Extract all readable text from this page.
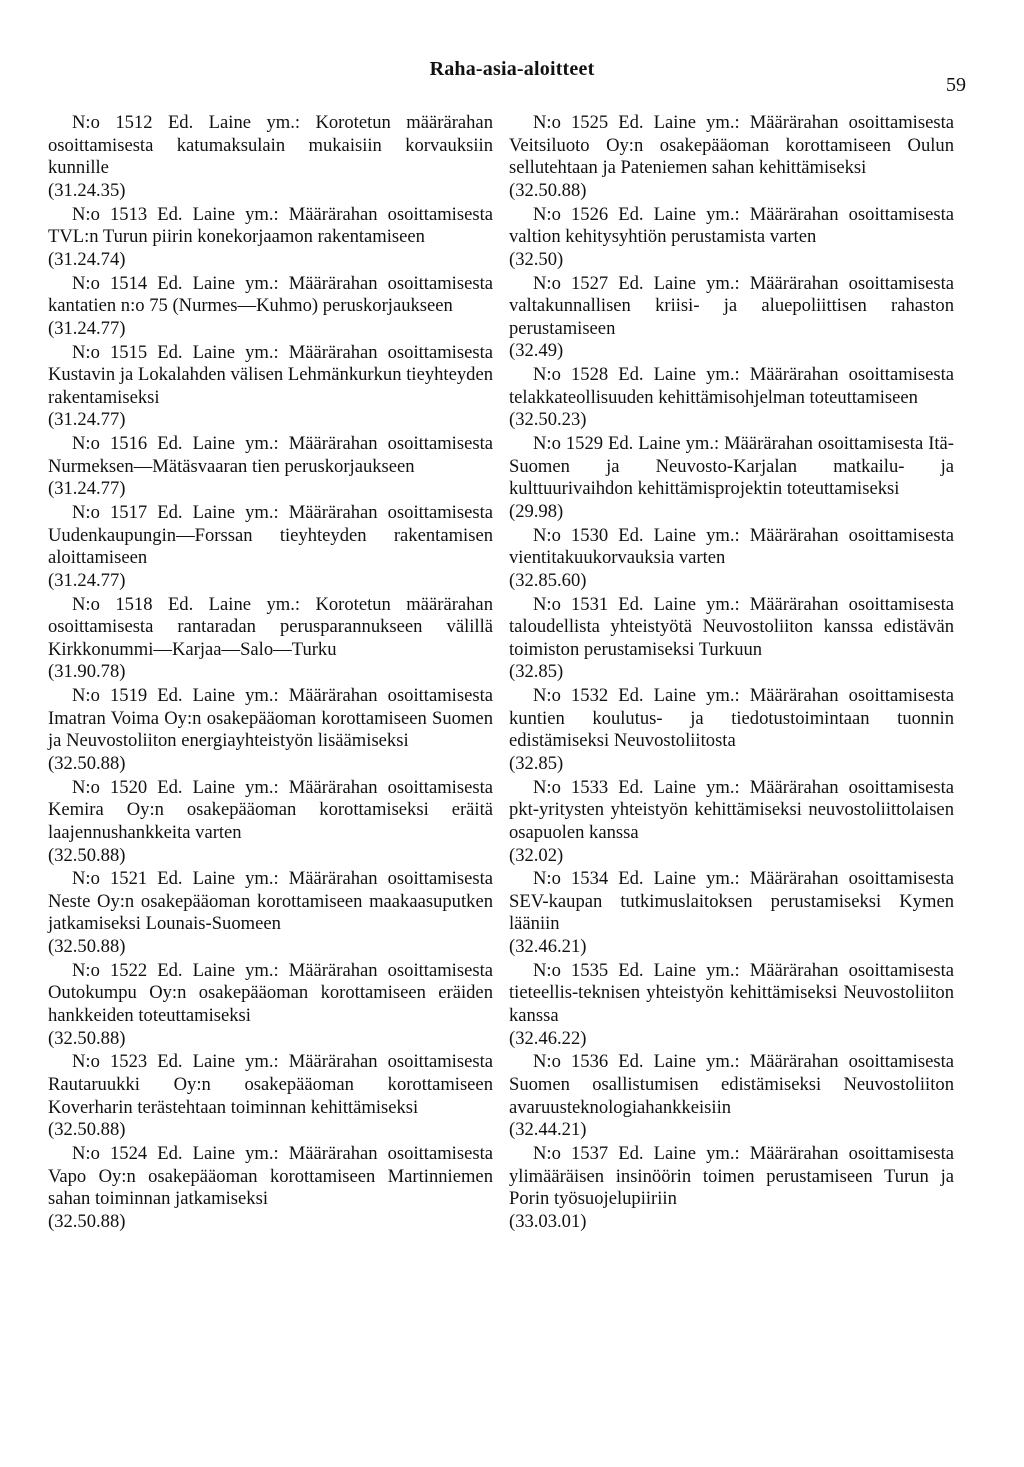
Raha-asia-aloitteet
59
N:o 1512 Ed. Laine ym.: Korotetun määrärahan osoittamisesta katumaksulain mukaisiin korvauksiin kunnille
(31.24.35)
N:o 1513 Ed. Laine ym.: Määrärahan osoittamisesta TVL:n Turun piirin konekorjaamon rakentamiseen
(31.24.74)
N:o 1514 Ed. Laine ym.: Määrärahan osoittamisesta kantatien n:o 75 (Nurmes—Kuhmo) peruskorjaukseen
(31.24.77)
N:o 1515 Ed. Laine ym.: Määrärahan osoittamisesta Kustavin ja Lokalahden välisen Lehmänkurkun tieyhteyden rakentamiseksi
(31.24.77)
N:o 1516 Ed. Laine ym.: Määrärahan osoittamisesta Nurmeksen—Mätäsvaaran tien peruskorjaukseen
(31.24.77)
N:o 1517 Ed. Laine ym.: Määrärahan osoittamisesta Uudenkaupungin—Forssan tieyhteyden rakentamisen aloittamiseen
(31.24.77)
N:o 1518 Ed. Laine ym.: Korotetun määrärahan osoittamisesta rantaradan perusparannukseen välillä Kirkkonummi—Karjaa—Salo—Turku
(31.90.78)
N:o 1519 Ed. Laine ym.: Määrärahan osoittamisesta Imatran Voima Oy:n osakepääoman korottamiseen Suomen ja Neuvostoliiton energiayhteistyön lisäämiseksi
(32.50.88)
N:o 1520 Ed. Laine ym.: Määrärahan osoittamisesta Kemira Oy:n osakepääoman korottamiseksi eräitä laajennushankkeita varten
(32.50.88)
N:o 1521 Ed. Laine ym.: Määrärahan osoittamisesta Neste Oy:n osakepääoman korottamiseen maakaasuputken jatkamiseksi Lounais-Suomeen
(32.50.88)
N:o 1522 Ed. Laine ym.: Määrärahan osoittamisesta Outokumpu Oy:n osakepääoman korottamiseen eräiden hankkeiden toteuttamiseksi
(32.50.88)
N:o 1523 Ed. Laine ym.: Määrärahan osoittamisesta Rautaruukki Oy:n osakepääoman korottamiseen Koverharin terästehtaan toiminnan kehittämiseksi
(32.50.88)
N:o 1524 Ed. Laine ym.: Määrärahan osoittamisesta Vapo Oy:n osakepääoman korottamiseen Martinniemen sahan toiminnan jatkamiseksi
(32.50.88)
N:o 1525 Ed. Laine ym.: Määrärahan osoittamisesta Veitsiluoto Oy:n osakepääoman korottamiseen Oulun sellutehtaan ja Pateniemen sahan kehittämiseksi
(32.50.88)
N:o 1526 Ed. Laine ym.: Määrärahan osoittamisesta valtion kehitysyhtiön perustamista varten
(32.50)
N:o 1527 Ed. Laine ym.: Määrärahan osoittamisesta valtakunnallisen kriisi- ja aluepoliittisen rahaston perustamiseen
(32.49)
N:o 1528 Ed. Laine ym.: Määrärahan osoittamisesta telakkateollisuuden kehittämisohjelman toteuttamiseen
(32.50.23)
N:o 1529 Ed. Laine ym.: Määrärahan osoittamisesta Itä-Suomen ja Neuvosto-Karjalan matkailu- ja kulttuurivaihdon kehittämisprojektin toteuttamiseksi
(29.98)
N:o 1530 Ed. Laine ym.: Määrärahan osoittamisesta vientitakuukorvauksia varten
(32.85.60)
N:o 1531 Ed. Laine ym.: Määrärahan osoittamisesta taloudellista yhteistyötä Neuvostoliiton kanssa edistävän toimiston perustamiseksi Turkuun
(32.85)
N:o 1532 Ed. Laine ym.: Määrärahan osoittamisesta kuntien koulutus- ja tiedotustoimintaan tuonnin edistämiseksi Neuvostoliitosta
(32.85)
N:o 1533 Ed. Laine ym.: Määrärahan osoittamisesta pkt-yritysten yhteistyön kehittämiseksi neuvostoliittolaisen osapuolen kanssa
(32.02)
N:o 1534 Ed. Laine ym.: Määrärahan osoittamisesta SEV-kaupan tutkimuslaitoksen perustamiseksi Kymen lääniin
(32.46.21)
N:o 1535 Ed. Laine ym.: Määrärahan osoittamisesta tieteellis-teknisen yhteistyön kehittämiseksi Neuvostoliiton kanssa
(32.46.22)
N:o 1536 Ed. Laine ym.: Määrärahan osoittamisesta Suomen osallistumisen edistämiseksi Neuvostoliiton avaruusteknologiahankkeisiin
(32.44.21)
N:o 1537 Ed. Laine ym.: Määrärahan osoittamisesta ylimääräisen insinöörin toimen perustamiseen Turun ja Porin työsuojelupiiriin
(33.03.01)
